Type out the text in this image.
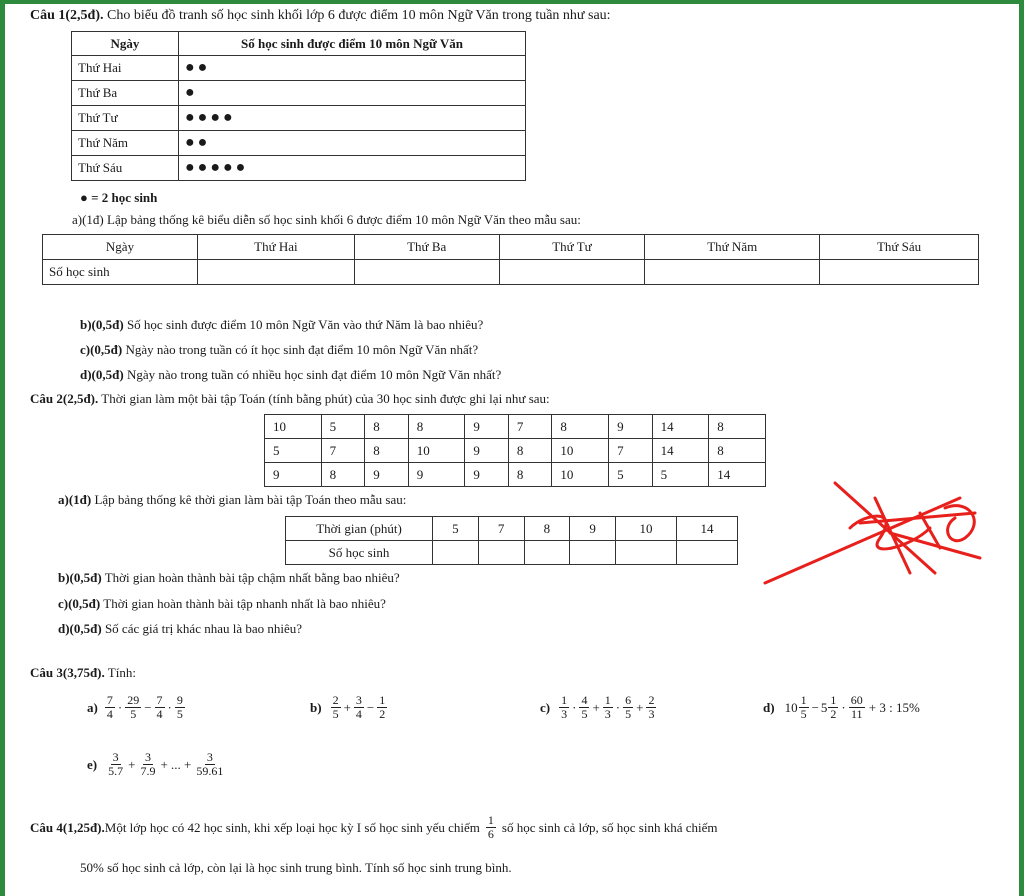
Câu 1(2,5đ). Cho biểu đồ tranh số học sinh khối lớp 6 được điểm 10 môn Ngữ Văn trong tuần như sau:
Ngày	Số học sinh được điểm 10 môn Ngữ Văn
Thứ Hai	●●
Thứ Ba	●
Thứ Tư	●●●●
Thứ Năm	●●
Thứ Sáu	●●●●●
● = 2 học sinh
a)(1đ) Lập bảng thống kê biểu diễn số học sinh khối 6 được điểm 10 môn Ngữ Văn theo mẫu sau:
Ngày	Thứ Hai	Thứ Ba	Thứ Tư	Thứ Năm	Thứ Sáu
Số học sinh					
b)(0,5đ) Số học sinh được điểm 10 môn Ngữ Văn vào thứ Năm là bao nhiêu?
c)(0,5đ) Ngày nào trong tuần có ít học sinh đạt điểm 10 môn Ngữ Văn nhất?
d)(0,5đ) Ngày nào trong tuần có nhiều học sinh đạt điểm 10 môn Ngữ Văn nhất?
Câu 2(2,5đ). Thời gian làm một bài tập Toán (tính bằng phút) của 30 học sinh được ghi lại như sau:
10	5	8	8	9	7	8	9	14	8
5	7	8	10	9	8	10	7	14	8
9	8	9	9	9	8	10	5	5	14
a)(1đ) Lập bảng thống kê thời gian làm bài tập Toán theo mẫu sau:
Thời gian (phút)	5	7	8	9	10	14
Số học sinh						
b)(0,5đ) Thời gian hoàn thành bài tập chậm nhất bằng bao nhiêu?
c)(0,5đ) Thời gian hoàn thành bài tập nhanh nhất là bao nhiêu?
d)(0,5đ) Số các giá trị khác nhau là bao nhiêu?
Câu 3(3,75đ). Tính:
$a) \frac{7}{4} \cdot \frac{29}{5} - \frac{7}{4} \cdot \frac{9}{5}$	$b) \frac{2}{5} + \frac{3}{4} - \frac{1}{2}$	$c) \frac{1}{3} \cdot \frac{4}{5} + \frac{1}{3} \cdot \frac{6}{5} + \frac{2}{3}$	d) $10 \frac{1}{5} - 5 \frac{1}{2} \cdot \frac{60}{11} + 3$ : 15%
$e) \frac{3}{5.7} + \frac{3}{7.9}$ + ... + $\frac{3}{59.61}$
Câu 4(1,25đ). Một lớp học có 42 học sinh, khi xếp loại học kỳ I số học sinh yếu chiếm $\frac{1}{6}$ số học sinh cả lớp, số học sinh khá chiếm
50% số học sinh cả lớp, còn lại là học sinh trung bình. Tính số học sinh trung bình.
